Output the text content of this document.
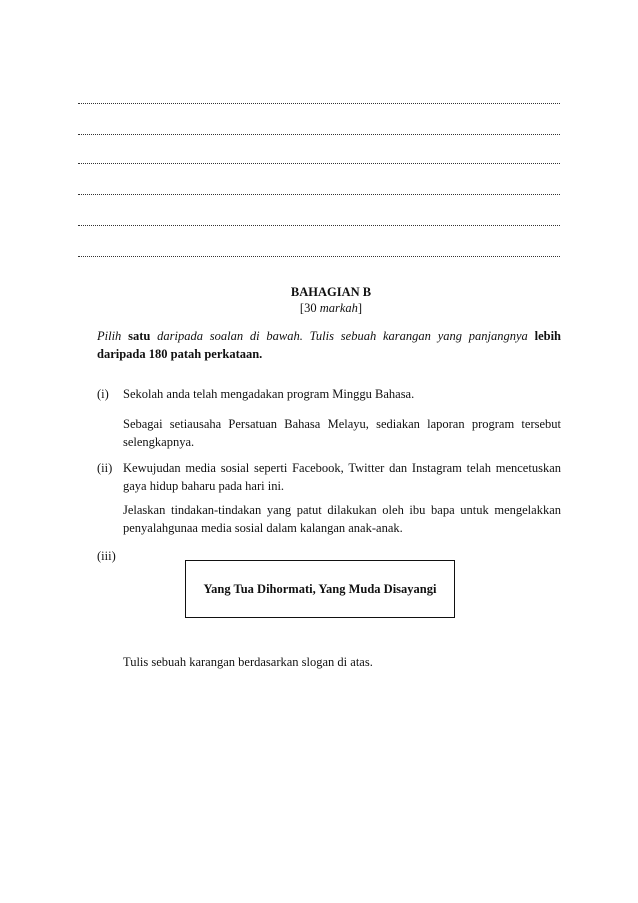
BAHAGIAN B
[30 markah]
Pilih satu daripada soalan di bawah. Tulis sebuah karangan yang panjangnya lebih daripada 180 patah perkataan.
(i) Sekolah anda telah mengadakan program Minggu Bahasa.
Sebagai setiausaha Persatuan Bahasa Melayu, sediakan laporan program tersebut selengkapnya.
(ii) Kewujudan media sosial seperti Facebook, Twitter dan Instagram telah mencetuskan gaya hidup baharu pada hari ini.
Jelaskan tindakan-tindakan yang patut dilakukan oleh ibu bapa untuk mengelakkan penyalahgunaa media sosial dalam kalangan anak-anak.
(iii)
Yang Tua Dihormati, Yang Muda Disayangi
Tulis sebuah karangan berdasarkan slogan di atas.
